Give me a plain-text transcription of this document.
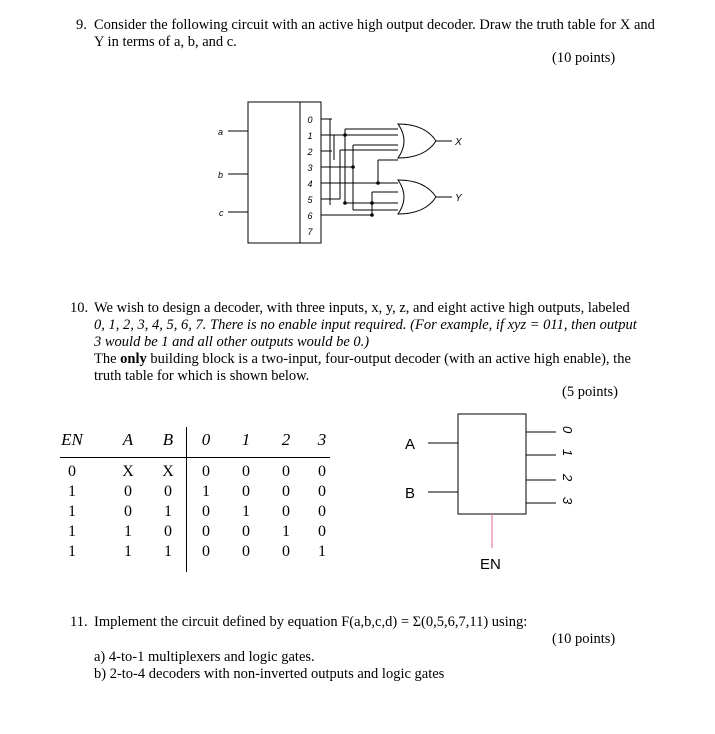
9. Consider the following circuit with an active high output decoder. Draw the truth table for X and
Y in terms of a, b, and c.
(10 points)
a
b
c
0
1
2
3
4
5
6
7
X
Y
10. We wish to design a decoder, with three inputs, x, y, z, and eight active high outputs, labeled
0, 1, 2, 3, 4, 5, 6, 7. There is no enable input required. (For example, if xyz = 011, then output
3 would be 1 and all other outputs would be 0.)
The only building block is a two-input, four-output decoder (with an active high enable), the
truth table for which is shown below.
(5 points)
EN	A	B	0	1	2	3
0	X	X	0	0	0	0
1	0	0	1	0	0	0
1	0	1	0	1	0	0
1	1	0	0	0	1	0
1	1	1	0	0	0	1
A
B
0
1
2
3
EN
11. Implement the circuit defined by equation F(a,b,c,d) = Σ(0,5,6,7,11) using:
(10 points)
a) 4-to-1 multiplexers and logic gates.
b) 2-to-4 decoders with non-inverted outputs and logic gates
